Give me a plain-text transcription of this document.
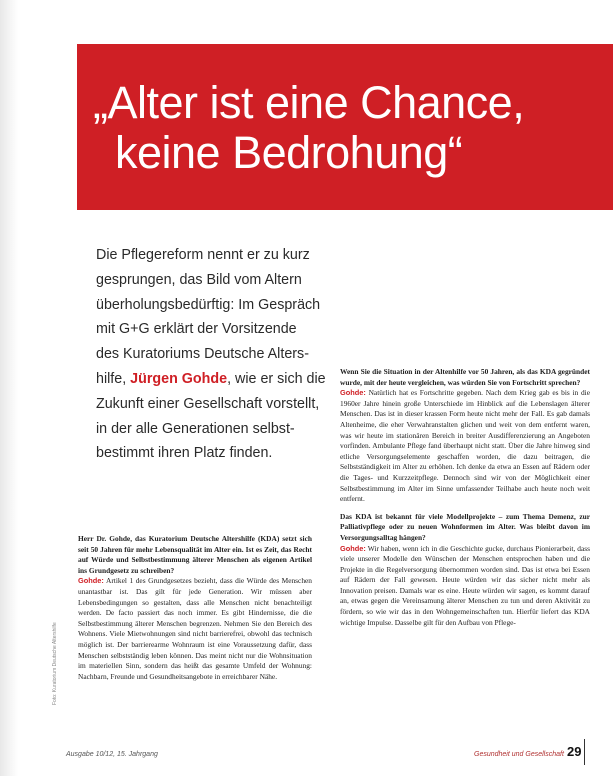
„Alter ist eine Chance,
keine Bedrohung“
Die Pflegereform nennt er zu kurz
gesprungen, das Bild vom Altern
überholungsbedürftig: Im Gespräch
mit G+G erklärt der Vorsitzende
des Kuratoriums Deutsche Alters-
hilfe, Jürgen Gohde, wie er sich die
Zukunft einer Gesellschaft vorstellt,
in der alle Generationen selbst-
bestimmt ihren Platz finden.

Herr Dr. Gohde, das Kuratorium Deutsche Altershilfe (KDA) setzt sich seit 50 Jahren für mehr Lebensqualität im Alter ein. Ist es Zeit, das Recht auf Würde und Selbstbestimmung älterer Menschen als eigenen Artikel ins Grundgesetz zu schreiben?

Gohde: Artikel 1 des Grundgesetzes bezieht, dass die Würde des Menschen unantastbar ist. Das gilt für jede Generation. Wir müssen aber Lebensbedingungen so gestalten, dass alle Menschen nicht benachteiligt werden. De facto passiert das noch immer. Es gibt Hindernisse, die die Selbstbestimmung älterer Menschen begrenzen. Nehmen Sie den Bereich des Wohnens. Viele Mietwohnungen sind nicht barrierefrei, obwohl das technisch möglich ist. Der barrierearme Wohnraum ist eine Voraussetzung dafür, dass Menschen selbstständig leben können. Das meint nicht nur die Wohnsituation im materiellen Sinn, sondern das heißt das gesamte Umfeld der Wohnung: Nachbarn, Freunde und Gesundheitsangebote in erreichbarer Nähe.

Wenn Sie die Situation in der Altenhilfe vor 50 Jahren, als das KDA gegründet wurde, mit der heute vergleichen, was würden Sie von Fortschritt sprechen?

Gohde: Natürlich hat es Fortschritte gegeben. Nach dem Krieg gab es bis in die 1960er Jahre hinein große Unterschiede im Hinblick auf die Lebenslagen älterer Menschen. Das ist in dieser krassen Form heute nicht mehr der Fall. Es gab damals Altenheime, die eher Verwahranstalten glichen und weit von dem entfernt waren, was wir heute im stationären Bereich in breiter Ausdifferenzierung an Angeboten vorfinden. Ambulante Pflege fand überhaupt nicht statt. Über die Jahre hinweg sind etliche Versorgungselemente geschaffen worden, die dazu beitragen, die Selbstständigkeit im Alter zu erhöhen. Ich denke da etwa an Essen auf Rädern oder die Tages- und Kurzzeitpflege. Dennoch sind wir von der Möglichkeit einer Selbstbestimmung im Alter im Sinne umfassender Teilhabe auch heute noch weit entfernt.

Das KDA ist bekannt für viele Modellprojekte – zum Thema Demenz, zur Palliativpflege oder zu neuen Wohnformen im Alter. Was bleibt davon im Versorgungsalltag hängen?

Gohde: Wir haben, wenn ich in die Geschichte gucke, durchaus Pionierarbeit, dass viele unserer Modelle den Wünschen der Menschen entsprochen haben und die Projekte in die Regelversorgung übernommen worden sind. Das ist etwa bei Essen auf Rädern der Fall gewesen. Heute würden wir das sicher nicht mehr als Innovation preisen. Damals war es eine. Heute würden wir sagen, es kommt darauf an, etwas gegen die Vereinsamung älterer Menschen zu tun und deren Aktivität zu fördern, so wie wir das in den Wohngemeinschaften tun. Hierfür liefert das KDA wichtige Impulse. Dasselbe gilt für den Aufbau von Pflege-

Foto: Kuratorium Deutsche Altershilfe
Ausgabe 10/12, 15. Jahrgang	Gesundheit und Gesellschaft 29
